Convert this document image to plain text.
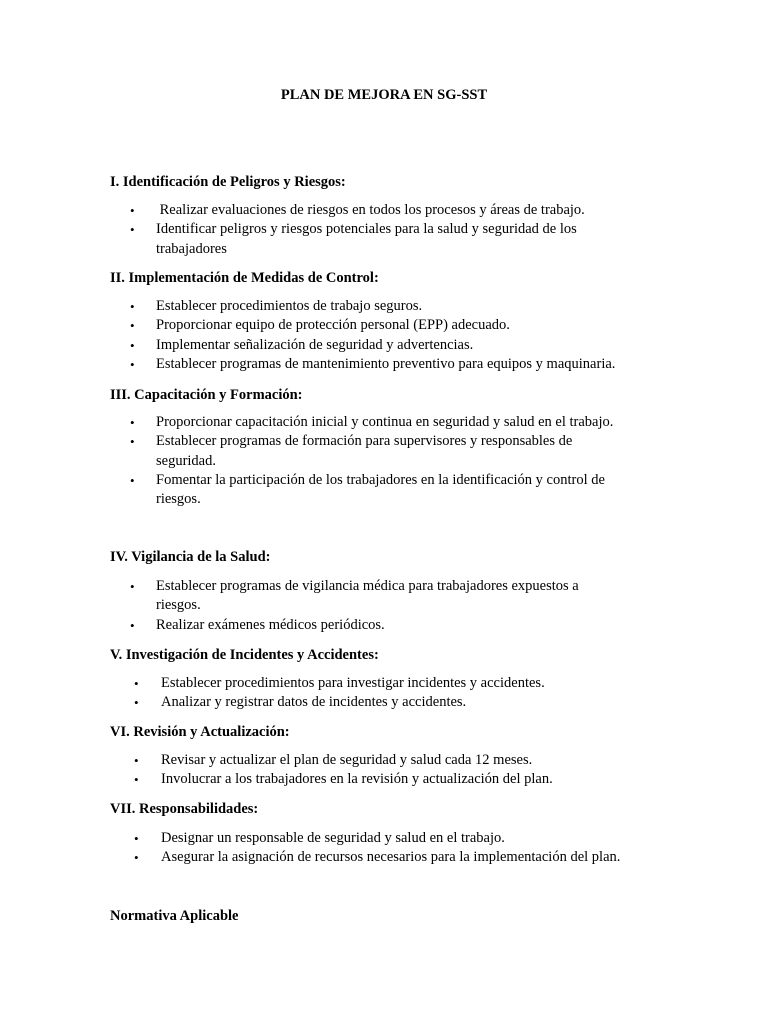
PLAN DE MEJORA EN SG-SST
I. Identificación de Peligros y Riesgos:
• Realizar evaluaciones de riesgos en todos los procesos y áreas de trabajo.
• Identificar peligros y riesgos potenciales para la salud y seguridad de los trabajadores
II. Implementación de Medidas de Control:
• Establecer procedimientos de trabajo seguros.
• Proporcionar equipo de protección personal (EPP) adecuado.
• Implementar señalización de seguridad y advertencias.
• Establecer programas de mantenimiento preventivo para equipos y maquinaria.
III. Capacitación y Formación:
• Proporcionar capacitación inicial y continua en seguridad y salud en el trabajo.
• Establecer programas de formación para supervisores y responsables de seguridad.
• Fomentar la participación de los trabajadores en la identificación y control de riesgos.
IV. Vigilancia de la Salud:
• Establecer programas de vigilancia médica para trabajadores expuestos a riesgos.
• Realizar exámenes médicos periódicos.
V. Investigación de Incidentes y Accidentes:
• Establecer procedimientos para investigar incidentes y accidentes.
• Analizar y registrar datos de incidentes y accidentes.
VI. Revisión y Actualización:
• Revisar y actualizar el plan de seguridad y salud cada 12 meses.
• Involucrar a los trabajadores en la revisión y actualización del plan.
VII. Responsabilidades:
• Designar un responsable de seguridad y salud en el trabajo.
• Asegurar la asignación de recursos necesarios para la implementación del plan.
Normativa Aplicable
